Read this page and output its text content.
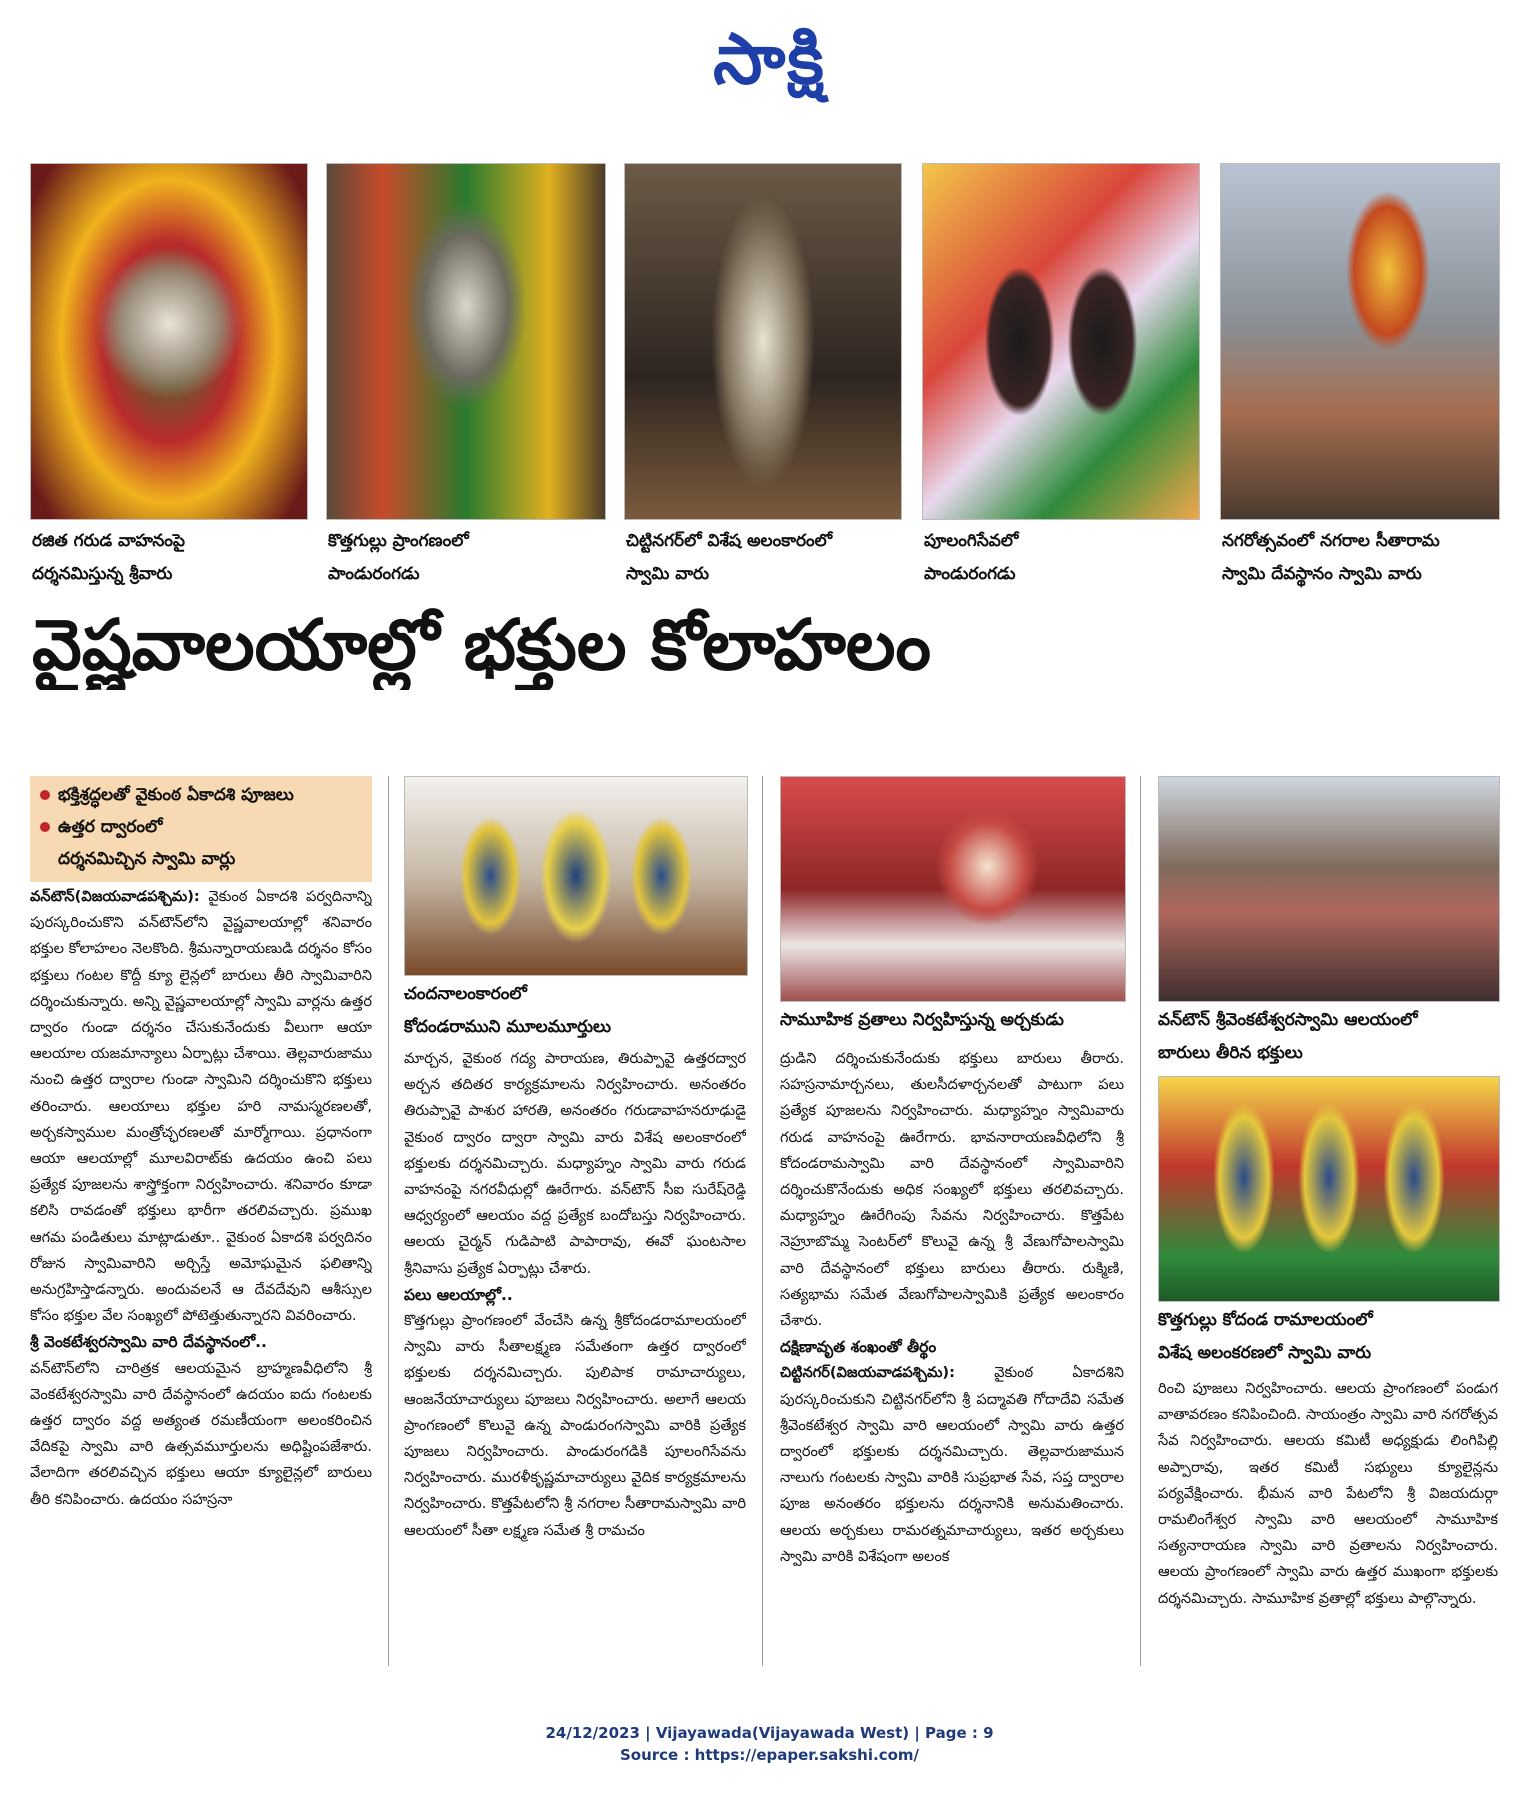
సాక్షి
రజిత గరుడ వాహనంపై
దర్శనమిస్తున్న శ్రీవారు
కొత్తగుల్లు ప్రాంగణంలో
పాండురంగడు
చిట్టినగర్‌లో విశేష అలంకారంలో
స్వామి వారు
పూలంగిసేవలో
పాండురంగడు
నగరోత్సవంలో నగరాల సీతారామ
స్వామి దేవస్థానం స్వామి వారు
వైష్ణవాలయాల్లో భక్తుల కోలాహలం
భక్తిశ్రద్ధలతో వైకుంఠ ఏకాదశి పూజలు
ఉత్తర ద్వారంలో
దర్శనమిచ్చిన స్వామి వార్లు

వన్‌టౌన్(విజయవాడపశ్చిమ): వైకుంఠ ఏకాదశి పర్వదినాన్ని పురస్కరించుకొని వన్‌టౌన్‌లోని వైష్ణవాలయాల్లో శనివారం భక్తుల కోలాహలం నెలకొంది. శ్రీమన్నారాయణుడి దర్శనం కోసం భక్తులు గంటల కొద్దీ క్యూ లైన్లలో బారులు తీరి స్వామివారిని దర్శించుకున్నారు. అన్ని వైష్ణవాలయాల్లో స్వామి వార్లను ఉత్తర ద్వారం గుండా దర్శనం చేసుకునేందుకు వీలుగా ఆయా ఆలయాల యజమాన్యాలు ఏర్పాట్లు చేశాయి. తెల్లవారుజాము నుంచి ఉత్తర ద్వారాల గుండా స్వామిని దర్శించుకొని భక్తులు తరించారు. ఆలయాలు భక్తుల హరి నామస్మరణలతో, అర్చకస్వాముల మంత్రోచ్ఛరణలతో మార్మోగాయి. ప్రధానంగా ఆయా ఆలయాల్లో మూలవిరాట్‌కు ఉదయం ఉంచి పలు ప్రత్యేక పూజలను శాస్త్రోక్తంగా నిర్వహించారు. శనివారం కూడా కలిసి రావడంతో భక్తులు భారీగా తరలివచ్చారు. ప్రముఖ ఆగమ పండితులు మాట్లాడుతూ.. వైకుంఠ ఏకాదశి పర్వదినం రోజున స్వామివారిని అర్చిస్తే అమోఘమైన ఫలితాన్ని అనుగ్రహిస్తాడన్నారు. అందువలనే ఆ దేవదేవుని ఆశీస్సుల కోసం భక్తుల వేల సంఖ్యలో పోటెత్తుతున్నారని వివరించారు.

శ్రీ వెంకటేశ్వరస్వామి వారి దేవస్థానంలో..

వన్‌టౌన్‌లోని చారిత్రక ఆలయమైన బ్రాహ్మణవీధిలోని శ్రీ వెంకటేశ్వరస్వామి వారి దేవస్థానంలో ఉదయం ఐదు గంటలకు ఉత్తర ద్వారం వద్ద అత్యంత రమణీయంగా అలంకరించిన వేదికపై స్వామి వారి ఉత్సవమూర్తులను అధిష్టింపజేశారు. వేలాదిగా తరలివచ్చిన భక్తులు ఆయా క్యూలైన్లలో బారులు తీరి కనిపించారు. ఉదయం సహస్రనా

చందనాలంకారంలో
కోదండరాముని మూలమూర్తులు

మార్చన, వైకుంఠ గద్య పారాయణ, తిరుప్పావై ఉత్తరద్వార అర్చన తదితర కార్యక్రమాలను నిర్వహించారు. అనంతరం తిరుప్పావై పాశుర హారతి, అనంతరం గరుడావాహనరూఢుడై వైకుంఠ ద్వారం ద్వారా స్వామి వారు విశేష అలంకారంలో భక్తులకు దర్శనమిచ్చారు. మధ్యాహ్నం స్వామి వారు గరుడ వాహనంపై నగరవీధుల్లో ఊరేగారు. వన్‌టౌన్ సీఐ సురేష్‌రెడ్డి ఆధ్వర్యంలో ఆలయం వద్ద ప్రత్యేక బందోబస్తు నిర్వహించారు. ఆలయ చైర్మన్ గుడిపాటి పాపారావు, ఈవో ఘంటసాల శ్రీనివాసు ప్రత్యేక ఏర్పాట్లు చేశారు.

పలు ఆలయాల్లో..

కొత్తగుల్లు ప్రాంగణంలో వేంచేసి ఉన్న శ్రీకోదండరామాలయంలో స్వామి వారు సీతాలక్ష్మణ సమేతంగా ఉత్తర ద్వారంలో భక్తులకు దర్శనమిచ్చారు. పులిపాక రామాచార్యులు, ఆంజనేయాచార్యులు పూజలు నిర్వహించారు. అలాగే ఆలయ ప్రాంగణంలో కొలువై ఉన్న పాండురంగస్వామి వారికి ప్రత్యేక పూజలు నిర్వహించారు. పాండురంగడికి పూలంగిసేవను నిర్వహించారు. మురళీకృష్ణమాచార్యులు వైదిక కార్యక్రమాలను నిర్వహించారు. కొత్తపేటలోని శ్రీ నగరాల సీతారామస్వామి వారి ఆలయంలో సీతా లక్ష్మణ సమేత శ్రీ రామచం

సామూహిక వ్రతాలు నిర్వహిస్తున్న అర్చకుడు

ద్రుడిని దర్శించుకునేందుకు భక్తులు బారులు తీరారు. సహస్రనామార్చనలు, తులసీదళార్చనలతో పాటుగా పలు ప్రత్యేక పూజలను నిర్వహించారు. మధ్యాహ్నం స్వామివారు గరుడ వాహనంపై ఊరేగారు. భావనారాయణవీధిలోని శ్రీ కోదండరామస్వామి వారి దేవస్థానంలో స్వామివారిని దర్శించుకొనేందుకు అధిక సంఖ్యలో భక్తులు తరలివచ్చారు. మధ్యాహ్నం ఊరేగింపు సేవను నిర్వహించారు. కొత్తపేట నెహ్రూబొమ్మ సెంటర్‌లో కొలువై ఉన్న శ్రీ వేణుగోపాలస్వామి వారి దేవస్థానంలో భక్తులు బారులు తీరారు. రుక్మిణి, సత్యభామ సమేత వేణుగోపాలస్వామికి ప్రత్యేక అలంకారం చేశారు.

దక్షిణావృత శంఖంతో తీర్థం

చిట్టినగర్(విజయవాడపశ్చిమ):	వైకుంఠ ఏకాదశిని పురస్కరించుకుని చిట్టినగర్‌లోని శ్రీ పద్మావతి గోదాదేవి సమేత శ్రీవెంకటేశ్వర స్వామి వారి ఆలయంలో స్వామి వారు ఉత్తర ద్వారంలో భక్తులకు దర్శనమిచ్చారు. తెల్లవారుజామున నాలుగు గంటలకు స్వామి వారికి సుప్రభాత సేవ, సప్త ద్వారాల పూజ అనంతరం భక్తులను దర్శనానికి అనుమతించారు. ఆలయ అర్చకులు రామరత్నమాచార్యులు, ఇతర అర్చకులు స్వామి వారికి విశేషంగా అలంక

వన్‌టౌన్ శ్రీవెంకటేశ్వరస్వామి ఆలయంలో
బారులు తీరిన భక్తులు
కొత్తగుల్లు కోదండ రామాలయంలో
విశేష అలంకరణలో స్వామి వారు

రించి పూజలు నిర్వహించారు. ఆలయ ప్రాంగణంలో పండుగ వాతావరణం కనిపించింది. సాయంత్రం స్వామి వారి నగరోత్సవ సేవ నిర్వహించారు. ఆలయ కమిటీ అధ్యక్షుడు లింగిపిల్లి అప్పారావు, ఇతర కమిటీ సభ్యులు క్యూలైన్లను పర్యవేక్షించారు. భీమన వారి పేటలోని శ్రీ విజయదుర్గా రామలింగేశ్వర స్వామి వారి ఆలయంలో సామూహిక సత్యనారాయణ స్వామి వారి వ్రతాలను నిర్వహించారు. ఆలయ ప్రాంగణంలో స్వామి వారు ఉత్తర ముఖంగా భక్తులకు దర్శనమిచ్చారు. సామూహిక వ్రతాల్లో భక్తులు పాల్గొన్నారు.

24/12/2023 | Vijayawada(Vijayawada West) | Page : 9
Source : https://epaper.sakshi.com/
